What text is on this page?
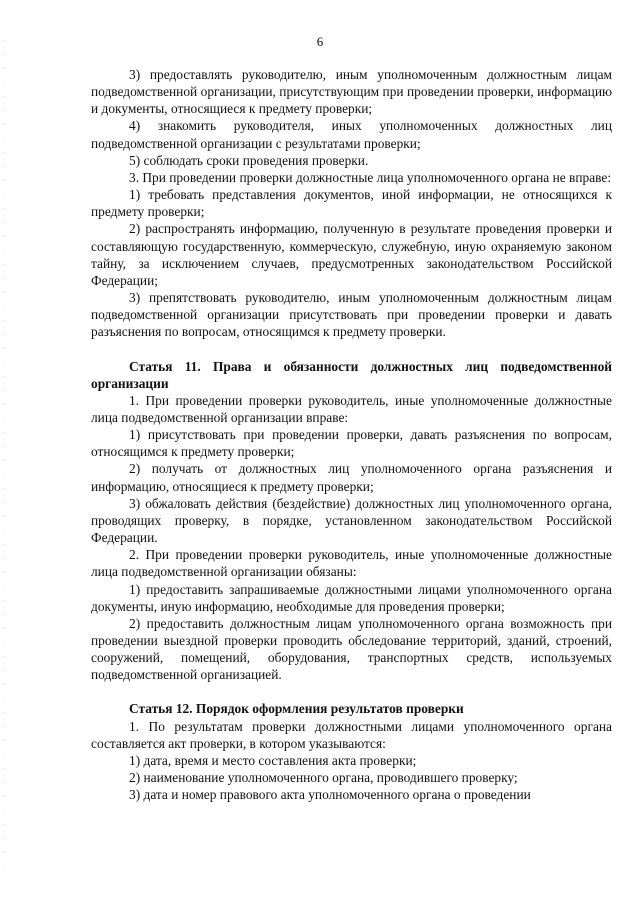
6

3) предоставлять руководителю, иным уполномоченным должностным лицам подведомственной организации, присутствующим при проведении проверки, информацию и документы, относящиеся к предмету проверки;

4) знакомить руководителя, иных уполномоченных должностных лиц подведомственной организации с результатами проверки;

5) соблюдать сроки проведения проверки.

3. При проведении проверки должностные лица уполномоченного органа не вправе:

1) требовать представления документов, иной информации, не относящихся к предмету проверки;

2) распространять информацию, полученную в результате проведения проверки и составляющую государственную, коммерческую, служебную, иную охраняемую законом тайну, за исключением случаев, предусмотренных законодательством Российской Федерации;

3) препятствовать руководителю, иным уполномоченным должностным лицам подведомственной организации присутствовать при проведении проверки и давать разъяснения по вопросам, относящимся к предмету проверки.

Статья 11. Права и обязанности должностных лиц подведомственной организации

1. При проведении проверки руководитель, иные уполномоченные должностные лица подведомственной организации вправе:

1) присутствовать при проведении проверки, давать разъяснения по вопросам, относящимся к предмету проверки;

2) получать от должностных лиц уполномоченного органа разъяснения и информацию, относящиеся к предмету проверки;

3) обжаловать действия (бездействие) должностных лиц уполномоченного органа, проводящих проверку, в порядке, установленном законодательством Российской Федерации.

2. При проведении проверки руководитель, иные уполномоченные должностные лица подведомственной организации обязаны:

1) предоставить запрашиваемые должностными лицами уполномоченного органа документы, иную информацию, необходимые для проведения проверки;

2) предоставить должностным лицам уполномоченного органа возможность при проведении выездной проверки проводить обследование территорий, зданий, строений, сооружений, помещений, оборудования, транспортных средств, используемых подведомственной организацией.

Статья 12. Порядок оформления результатов проверки

1. По результатам проверки должностными лицами уполномоченного органа составляется акт проверки, в котором указываются:

1) дата, время и место составления акта проверки;

2) наименование уполномоченного органа, проводившего проверку;

3) дата и номер правового акта уполномоченного органа о проведении
